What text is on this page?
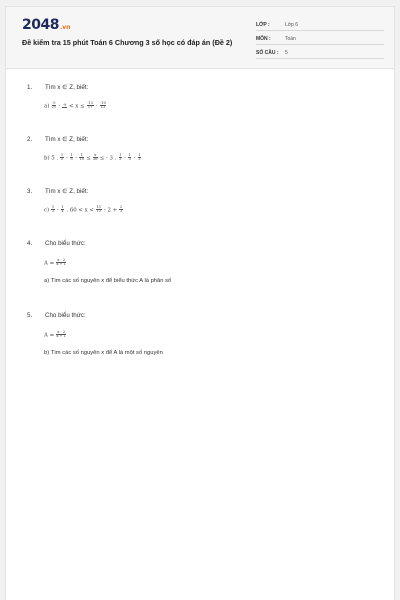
2048.vn
Đề kiểm tra 15 phút Toán 6 Chương 3 số học có đáp án (Đề 2)
LỚP :	Lớp 6
MÔN :	Toán
SỐ CÂU : 5
1.	Tìm x ∈ Z, biết:
$a) \frac{-5}{21} \cdot -9 < x \le \frac{-13}{17} \cdot \frac{-10}{13}$
2.	Tìm x ∈ Z, biết:
b) 5 . $\frac{1}{5} - \frac{1}{5} - \frac{1}{10} \le \frac{x}{26}$ ≤ - 3 . $\frac{1}{3} - \frac{1}{3} - \frac{1}{3}$
3.	Tìm x ∈ Z, biết:
$c) \frac{1}{2} - \frac{1}{4}$ . $60 < x < \frac{11}{13} - 2 + \frac{2}{3}$
4.	Cho biểu thức:
$A = \frac{x - 2}{x + 1}$
a) Tìm các số nguyên x để biểu thức A là phân số
5.	Cho biểu thức:
$A = \frac{x - 2}{x + 1}$
b) Tìm các số nguyên x để A là một số nguyên
